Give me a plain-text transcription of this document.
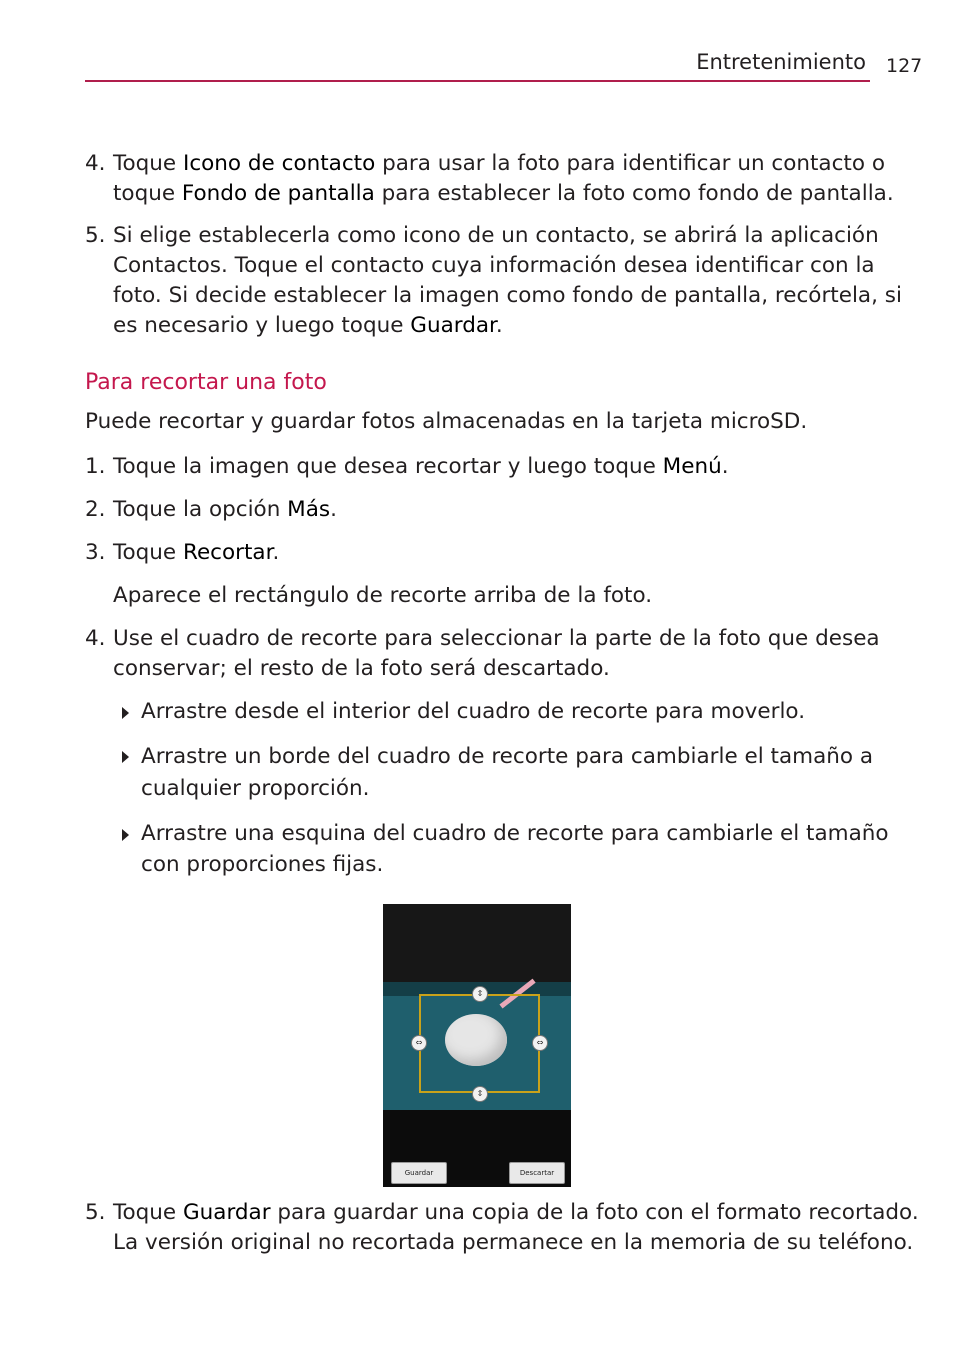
Entretenimiento 127
4. Toque Icono de contacto para usar la foto para identificar un contacto o
toque Fondo de pantalla para establecer la foto como fondo de pantalla.
5. Si elige establecerla como icono de un contacto, se abrirá la aplicación
Contactos. Toque el contacto cuya información desea identificar con la
foto. Si decide establecer la imagen como fondo de pantalla, recórtela, si
es necesario y luego toque Guardar.
Para recortar una foto
Puede recortar y guardar fotos almacenadas en la tarjeta microSD.
1. Toque la imagen que desea recortar y luego toque Menú.
2. Toque la opción Más.
3. Toque Recortar.
Aparece el rectángulo de recorte arriba de la foto.
4. Use el cuadro de recorte para seleccionar la parte de la foto que desea
conservar; el resto de la foto será descartado.
Arrastre desde el interior del cuadro de recorte para moverlo.
Arrastre un borde del cuadro de recorte para cambiarle el tamaño a
cualquier proporción.
Arrastre una esquina del cuadro de recorte para cambiarle el tamaño
con proporciones fijas.
⇕
⇕
⇔	⇔
Guardar	Descartar
5. Toque Guardar para guardar una copia de la foto con el formato recortado.
La versión original no recortada permanece en la memoria de su teléfono.
